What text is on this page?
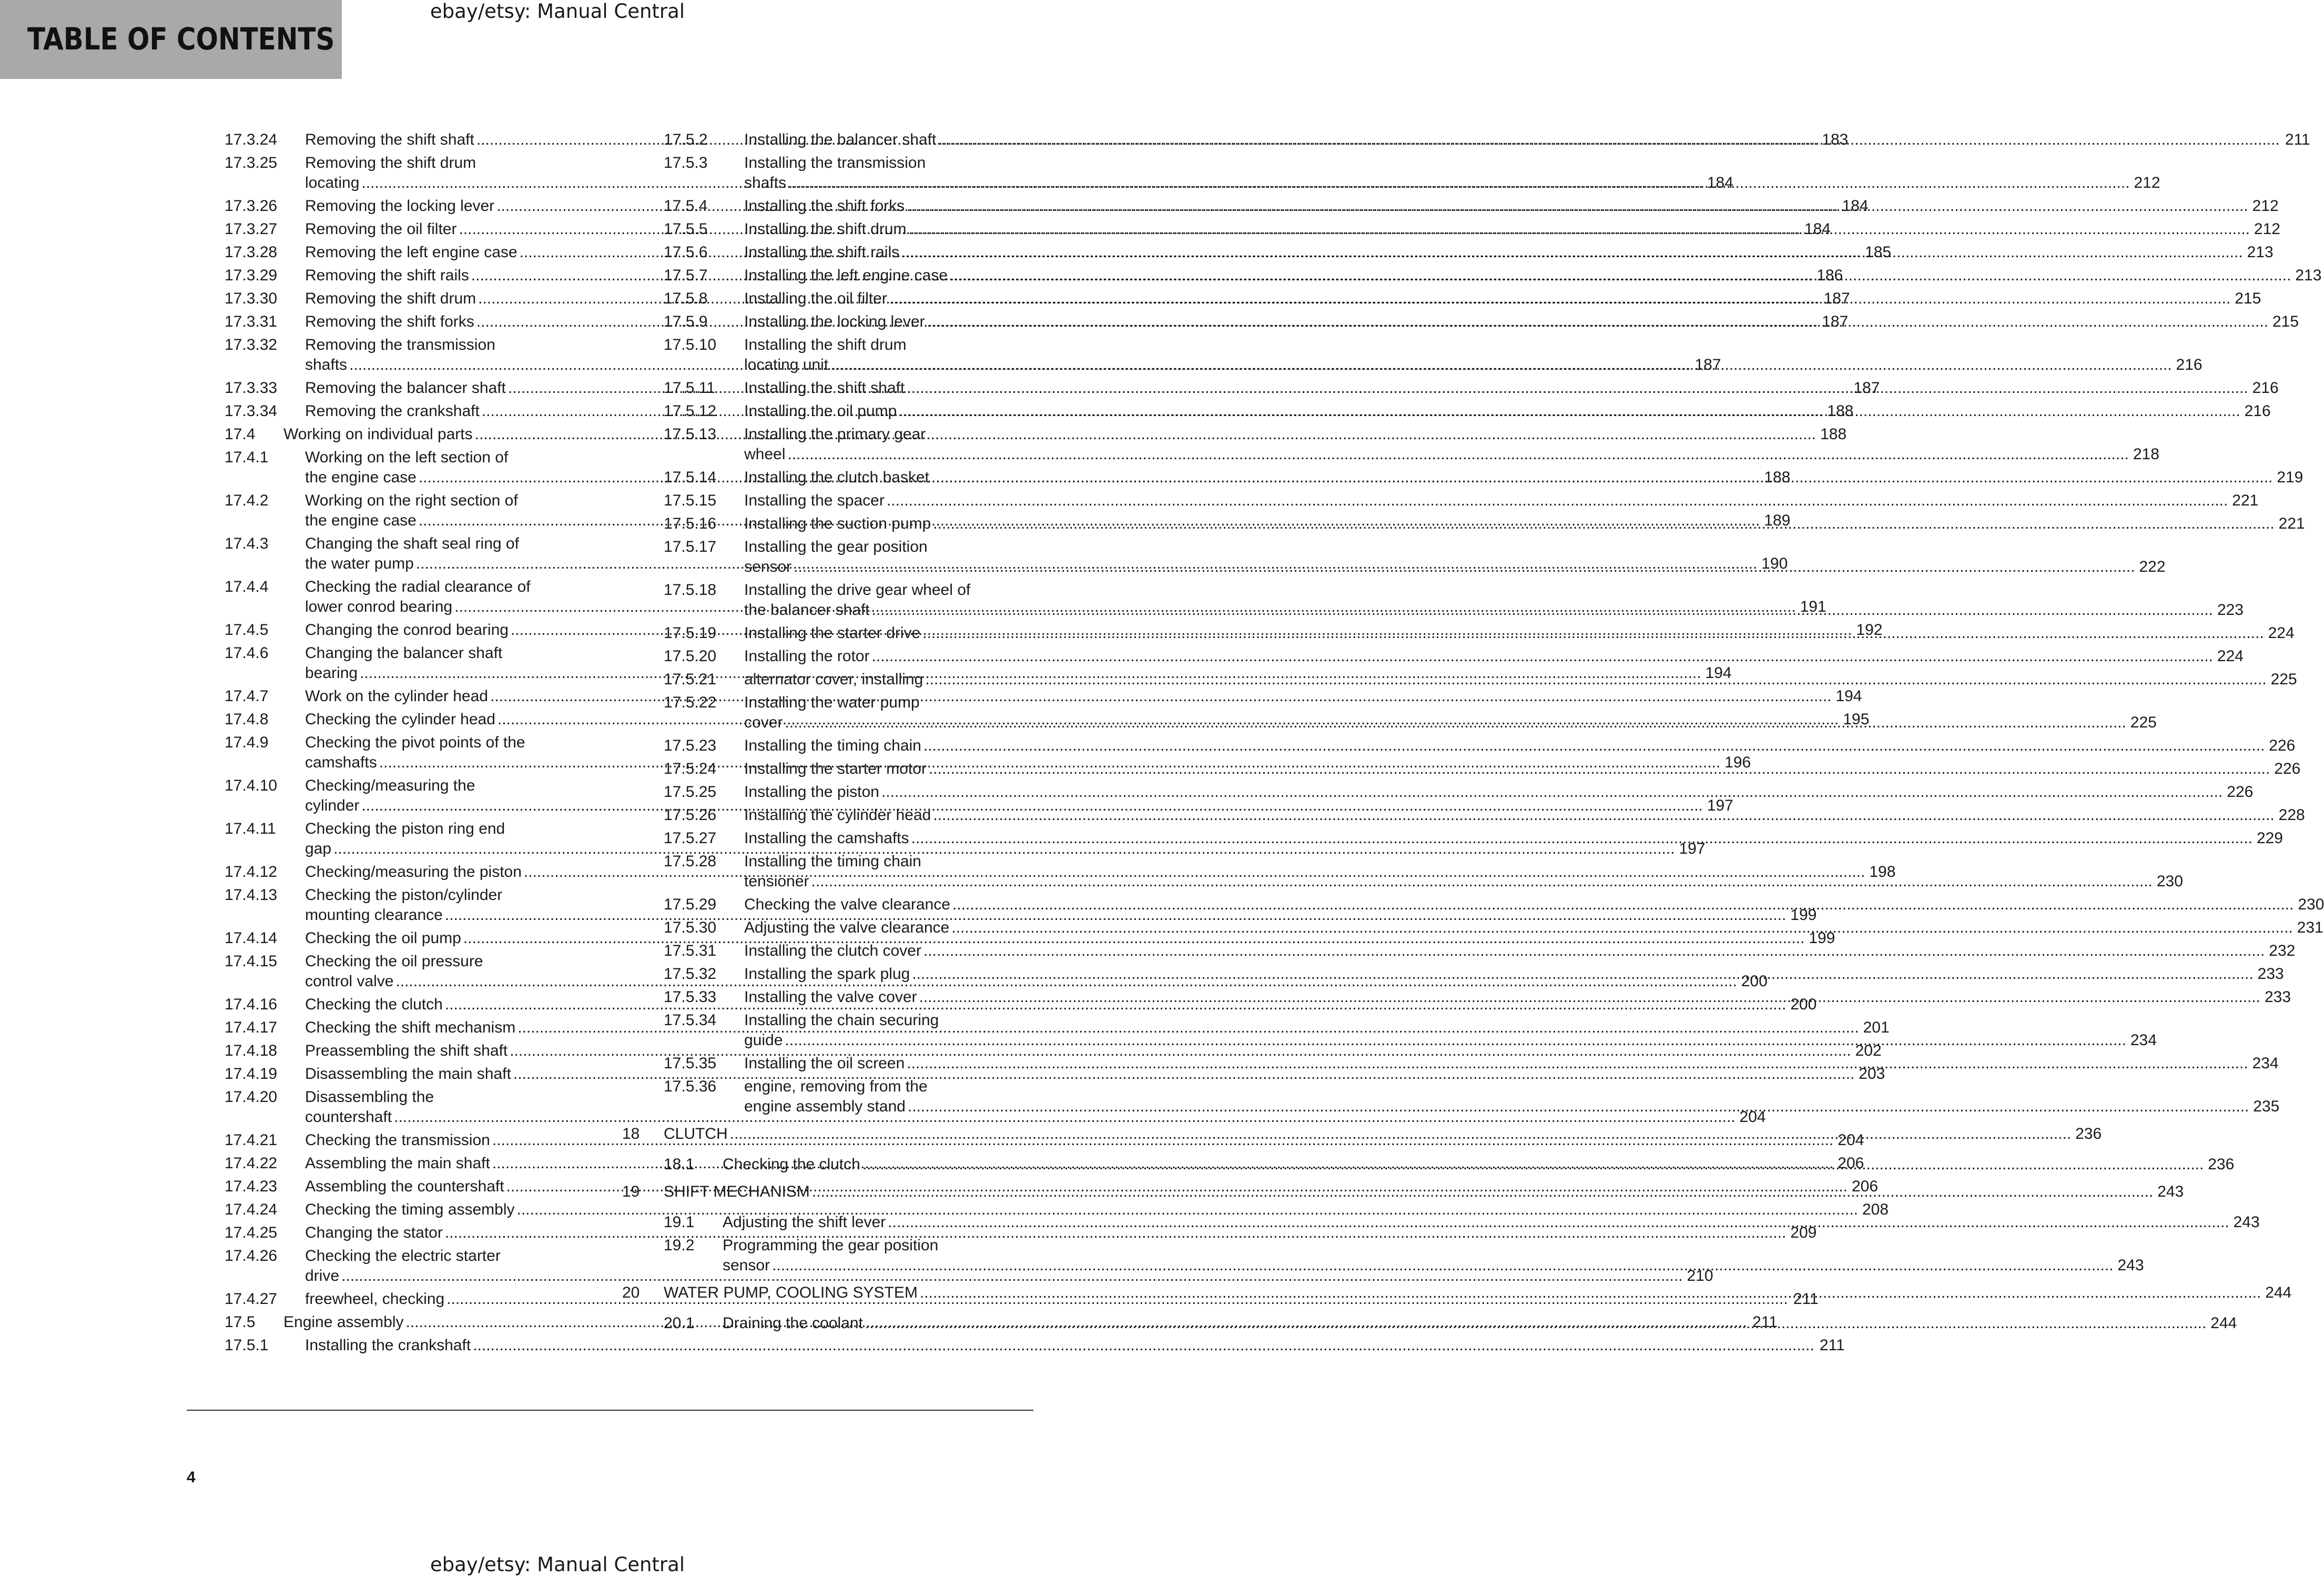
ebay/etsy: Manual Central
TABLE OF CONTENTS
17.3.24	Removing the shift shaft .....	183
17.3.25	Removing the shift drum
locating .....	184
17.3.26	Removing the locking lever .....	184
17.3.27	Removing the oil filter .....	184
17.3.28	Removing the left engine case .....	185
17.3.29	Removing the shift rails .....	186
17.3.30	Removing the shift drum .....	187
17.3.31	Removing the shift forks .....	187
17.3.32	Removing the transmission
shafts .....	187
17.3.33	Removing the balancer shaft .....	187
17.3.34	Removing the crankshaft .....	188
17.4	Working on individual parts .....	188
17.4.1	Working on the left section of
the engine case .....	188
17.4.2	Working on the right section of
the engine case .....	189
17.4.3	Changing the shaft seal ring of
the water pump .....	190
17.4.4	Checking the radial clearance of
lower conrod bearing .....	191
17.4.5	Changing the conrod bearing .....	192
17.4.6	Changing the balancer shaft
bearing .....	194
17.4.7	Work on the cylinder head .....	194
17.4.8	Checking the cylinder head .....	195
17.4.9	Checking the pivot points of the
camshafts .....	196
17.4.10	Checking/measuring the
cylinder .....	197
17.4.11	Checking the piston ring end
gap .....	197
17.4.12	Checking/measuring the piston .....	198
17.4.13	Checking the piston/cylinder
mounting clearance .....	199
17.4.14	Checking the oil pump .....	199
17.4.15	Checking the oil pressure
control valve .....	200
17.4.16	Checking the clutch .....	200
17.4.17	Checking the shift mechanism .....	201
17.4.18	Preassembling the shift shaft .....	202
17.4.19	Disassembling the main shaft .....	203
17.4.20	Disassembling the
countershaft .....	204
17.4.21	Checking the transmission .....	204
17.4.22	Assembling the main shaft .....	206
17.4.23	Assembling the countershaft .....	206
17.4.24	Checking the timing assembly .....	208
17.4.25	Changing the stator .....	209
17.4.26	Checking the electric starter
drive .....	210
17.4.27	freewheel, checking .....	211
17.5	Engine assembly .....	211
17.5.1	Installing the crankshaft .....	211
17.5.2	Installing the balancer shaft .....	211
17.5.3	Installing the transmission
shafts .....	212
17.5.4	Installing the shift forks .....	212
17.5.5	Installing the shift drum .....	212
17.5.6	Installing the shift rails .....	213
17.5.7	Installing the left engine case .....	213
17.5.8	Installing the oil filter .....	215
17.5.9	Installing the locking lever .....	215
17.5.10	Installing the shift drum
locating unit .....	216
17.5.11	Installing the shift shaft .....	216
17.5.12	Installing the oil pump .....	216
17.5.13	Installing the primary gear
wheel .....	218
17.5.14	Installing the clutch basket .....	219
17.5.15	Installing the spacer .....	221
17.5.16	Installing the suction pump .....	221
17.5.17	Installing the gear position
sensor .....	222
17.5.18	Installing the drive gear wheel of
the balancer shaft .....	223
17.5.19	Installing the starter drive .....	224
17.5.20	Installing the rotor .....	224
17.5.21	alternator cover, installing .....	225
17.5.22	Installing the water pump
cover .....	225
17.5.23	Installing the timing chain .....	226
17.5.24	Installing the starter motor .....	226
17.5.25	Installing the piston .....	226
17.5.26	Installing the cylinder head .....	228
17.5.27	Installing the camshafts .....	229
17.5.28	Installing the timing chain
tensioner .....	230
17.5.29	Checking the valve clearance .....	230
17.5.30	Adjusting the valve clearance .....	231
17.5.31	Installing the clutch cover .....	232
17.5.32	Installing the spark plug .....	233
17.5.33	Installing the valve cover .....	233
17.5.34	Installing the chain securing
guide .....	234
17.5.35	Installing the oil screen .....	234
17.5.36	engine, removing from the
engine assembly stand .....	235
18	CLUTCH .....	236
18.1	Checking the clutch .....	236
19	SHIFT MECHANISM .....	243
19.1	Adjusting the shift lever .....	243
19.2	Programming the gear position
sensor .....	243
20	WATER PUMP, COOLING SYSTEM .....	244
20.1	Draining the coolant .....	244
4
ebay/etsy: Manual Central
